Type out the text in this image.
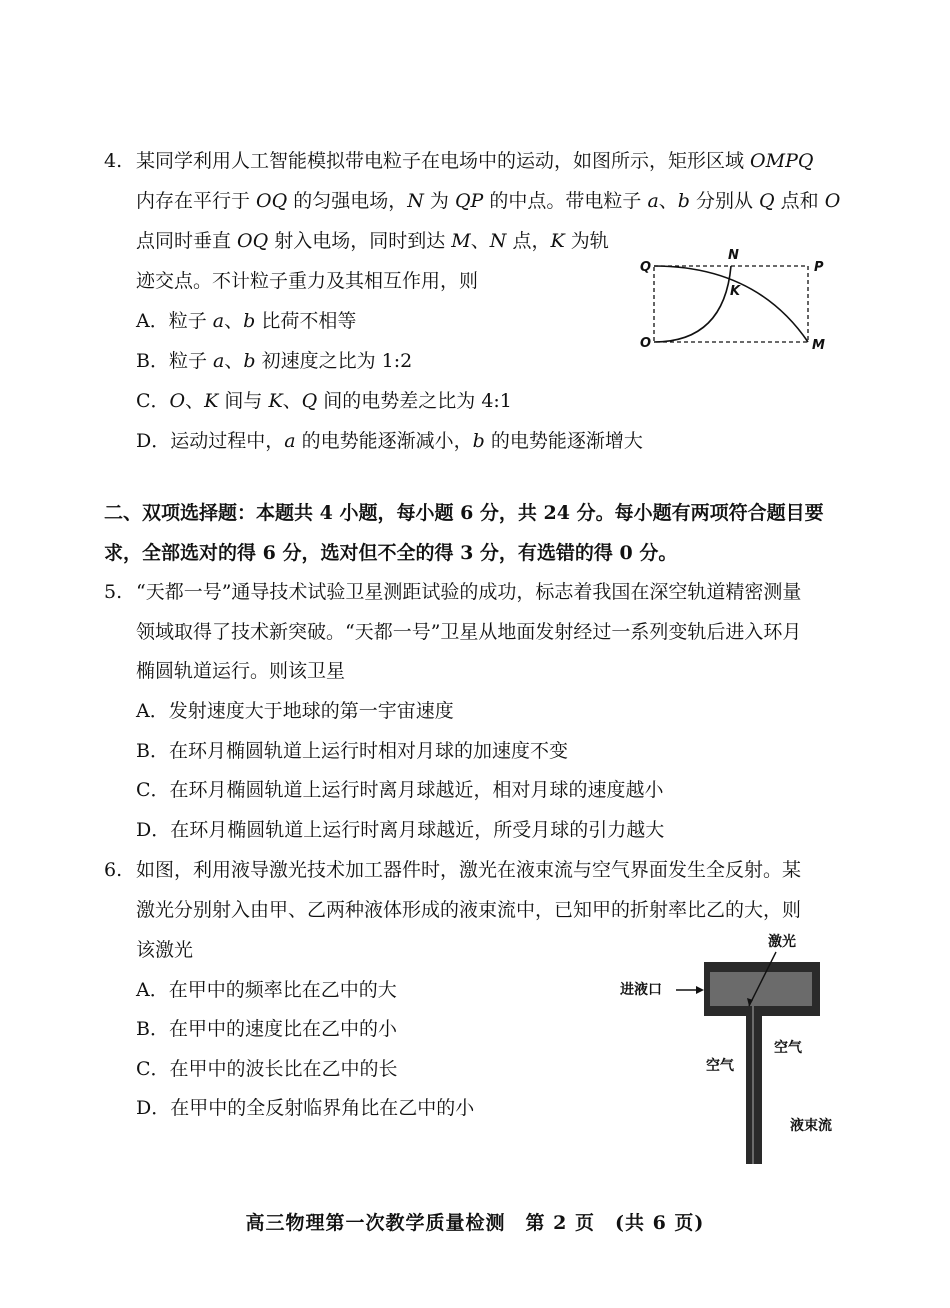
4. 某同学利用人工智能模拟带电粒子在电场中的运动，如图所示，矩形区域 OMPQ
内存在平行于 OQ 的匀强电场，N 为 QP 的中点。带电粒子 a、b 分别从 Q 点和 O
点同时垂直 OQ 射入电场，同时到达 M、N 点，K 为轨
迹交点。不计粒子重力及其相互作用，则
A．粒子 a、b 比荷不相等
B．粒子 a、b 初速度之比为 1:2
C．O、K 间与 K、Q 间的电势差之比为 4:1
D．运动过程中，a 的电势能逐渐减小，b 的电势能逐渐增大
Q
N
P
K
O	M
二、双项选择题：本题共 4 小题，每小题 6 分，共 24 分。每小题有两项符合题目要
求，全部选对的得 6 分，选对但不全的得 3 分，有选错的得 0 分。
5. “天都一号”通导技术试验卫星测距试验的成功，标志着我国在深空轨道精密测量
领域取得了技术新突破。“天都一号”卫星从地面发射经过一系列变轨后进入环月
椭圆轨道运行。则该卫星
A．发射速度大于地球的第一宇宙速度
B．在环月椭圆轨道上运行时相对月球的加速度不变
C．在环月椭圆轨道上运行时离月球越近，相对月球的速度越小
D．在环月椭圆轨道上运行时离月球越近，所受月球的引力越大
6. 如图，利用液导激光技术加工器件时，激光在液束流与空气界面发生全反射。某
激光分别射入由甲、乙两种液体形成的液束流中，已知甲的折射率比乙的大，则
该激光
A．在甲中的频率比在乙中的大
B．在甲中的速度比在乙中的小
C．在甲中的波长比在乙中的长
D．在甲中的全反射临界角比在乙中的小
激光
进液口
空气
空气
液束流
高三物理第一次教学质量检测　第 2 页　(共 6 页)
